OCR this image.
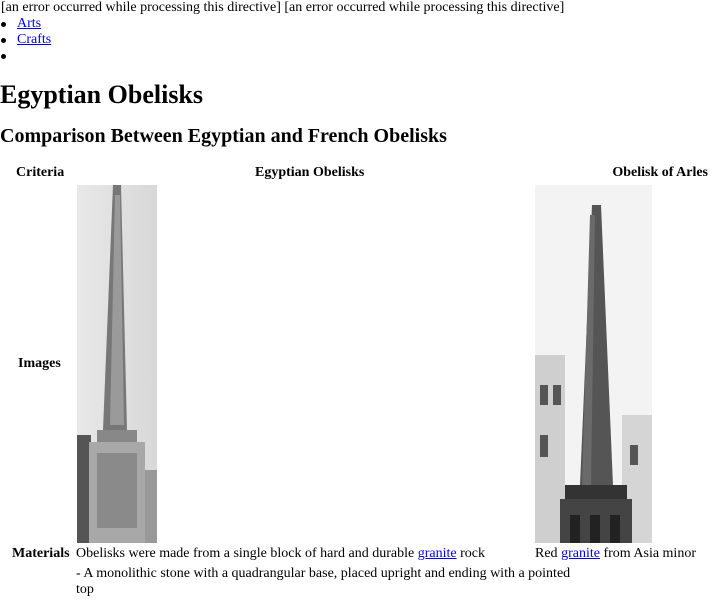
[an error occurred while processing this directive] [an error occurred while processing this directive]
Arts
Crafts
Egyptian Obelisks
Comparison Between Egyptian and French Obelisks
Criteria	Egyptian Obelisks	Obelisk of Arles
Images
Materials Obelisks were made from a single block of hard and durable granite rock
- A monolithic stone with a quadrangular base, placed upright and ending with a pointed
top
Red granite from Asia minor
